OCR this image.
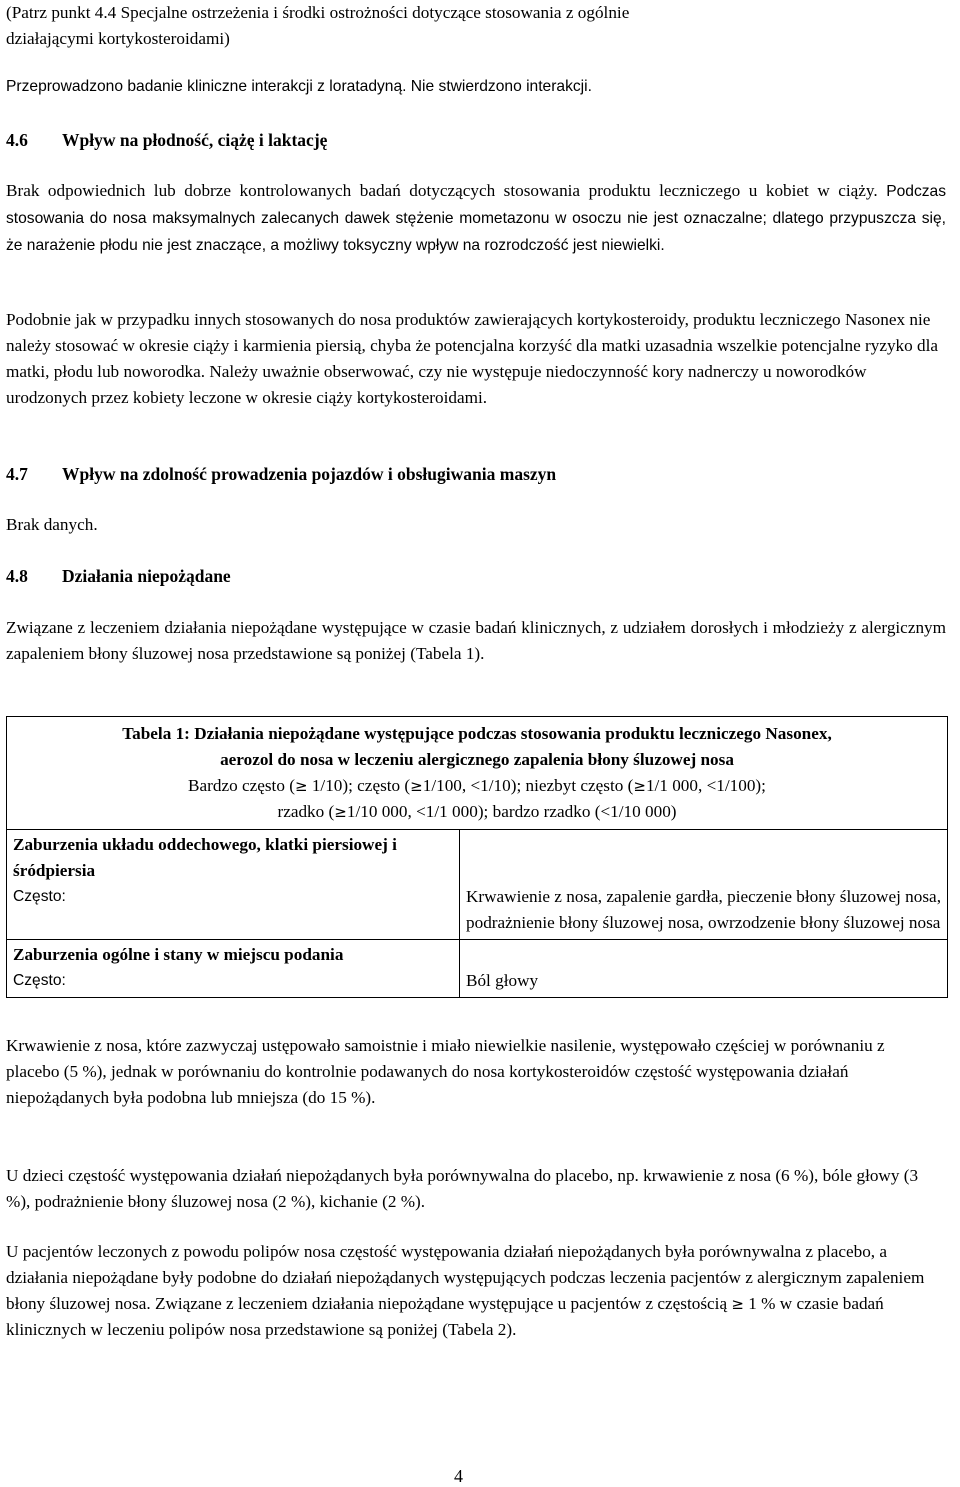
(Patrz punkt 4.4 Specjalne ostrzeżenia i środki ostrożności dotyczące stosowania z ogólnie

działającymi kortykosteroidami)

Przeprowadzono badanie kliniczne interakcji z loratadyną. Nie stwierdzono interakcji.

4.6	Wpływ na płodność, ciążę i laktację

Brak odpowiednich lub dobrze kontrolowanych badań dotyczących stosowania produktu leczniczego u kobiet w ciąży. Podczas stosowania do nosa maksymalnych zalecanych dawek stężenie mometazonu w osoczu nie jest oznaczalne; dlatego przypuszcza się, że narażenie płodu nie jest znaczące, a możliwy toksyczny wpływ na rozrodczość jest niewielki.

Podobnie jak w przypadku innych stosowanych do nosa produktów zawierających kortykosteroidy, produktu leczniczego Nasonex nie należy stosować w okresie ciąży i karmienia piersią, chyba że potencjalna korzyść dla matki uzasadnia wszelkie potencjalne ryzyko dla matki, płodu lub noworodka. Należy uważnie obserwować, czy nie występuje niedoczynność kory nadnerczy u noworodków urodzonych przez kobiety leczone w okresie ciąży kortykosteroidami.

4.7	Wpływ na zdolność prowadzenia pojazdów i obsługiwania maszyn

Brak danych.

4.8	Działania niepożądane

Związane z leczeniem działania niepożądane występujące w czasie badań klinicznych, z udziałem dorosłych i młodzieży z alergicznym zapaleniem błony śluzowej nosa przedstawione są poniżej (Tabela 1).

Tabela 1: Działania niepożądane występujące podczas stosowania produktu leczniczego Nasonex,
aerozol do nosa w leczeniu alergicznego zapalenia błony śluzowej nosa
Bardzo często (≥ 1/10); często (≥1/100, <1/10); niezbyt często (≥1/1 000, <1/100);
rzadko (≥1/10 000, <1/1 000); bardzo rzadko (<1/10 000)	

Zaburzenia układu oddechowego, klatki piersiowej i śródpiersia
Często:	Krwawienie z nosa, zapalenie gardła, pieczenie błony śluzowej nosa, podrażnienie błony śluzowej nosa, owrzodzenie błony śluzowej nosa

Zaburzenia ogólne i stany w miejscu podania
Często:	Ból głowy

Krwawienie z nosa, które zazwyczaj ustępowało samoistnie i miało niewielkie nasilenie, występowało częściej w porównaniu z placebo (5 %), jednak w porównaniu do kontrolnie podawanych do nosa kortykosteroidów częstość występowania działań niepożądanych była podobna lub mniejsza (do 15 %).

U dzieci częstość występowania działań niepożądanych była porównywalna do placebo, np. krwawienie z nosa (6 %), bóle głowy (3 %), podrażnienie błony śluzowej nosa (2 %), kichanie (2 %).

U pacjentów leczonych z powodu polipów nosa częstość występowania działań niepożądanych była porównywalna z placebo, a działania niepożądane były podobne do działań niepożądanych występujących podczas leczenia pacjentów z alergicznym zapaleniem błony śluzowej nosa. Związane z leczeniem działania niepożądane występujące u pacjentów z częstością ≥ 1 % w czasie badań klinicznych w leczeniu polipów nosa przedstawione są poniżej (Tabela 2).

4
